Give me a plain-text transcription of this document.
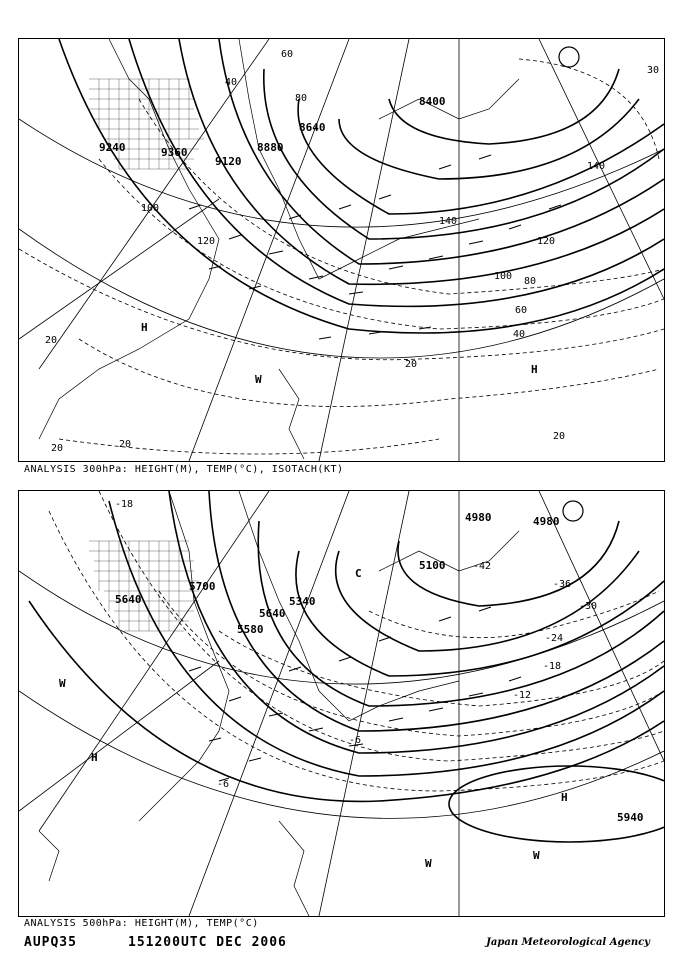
9240	9360
9120
8880
8640
8400
60
40
80
100
120
140
100 80
60
40
20
20
20	20
120
140
20
30
H
H
W
ANALYSIS 300hPa: HEIGHT(M), TEMP(°C), ISOTACH(KT)
5640
5700
5640
5580
5340
5100
4980	4980
5940
-18
-30
-24
-18
-12
-42
-36
-6
-6
W
H
C
H
W
W
ANALYSIS 500hPa: HEIGHT(M), TEMP(°C)
AUPQ35	151200UTC DEC 2006	Japan Meteorological Agency
